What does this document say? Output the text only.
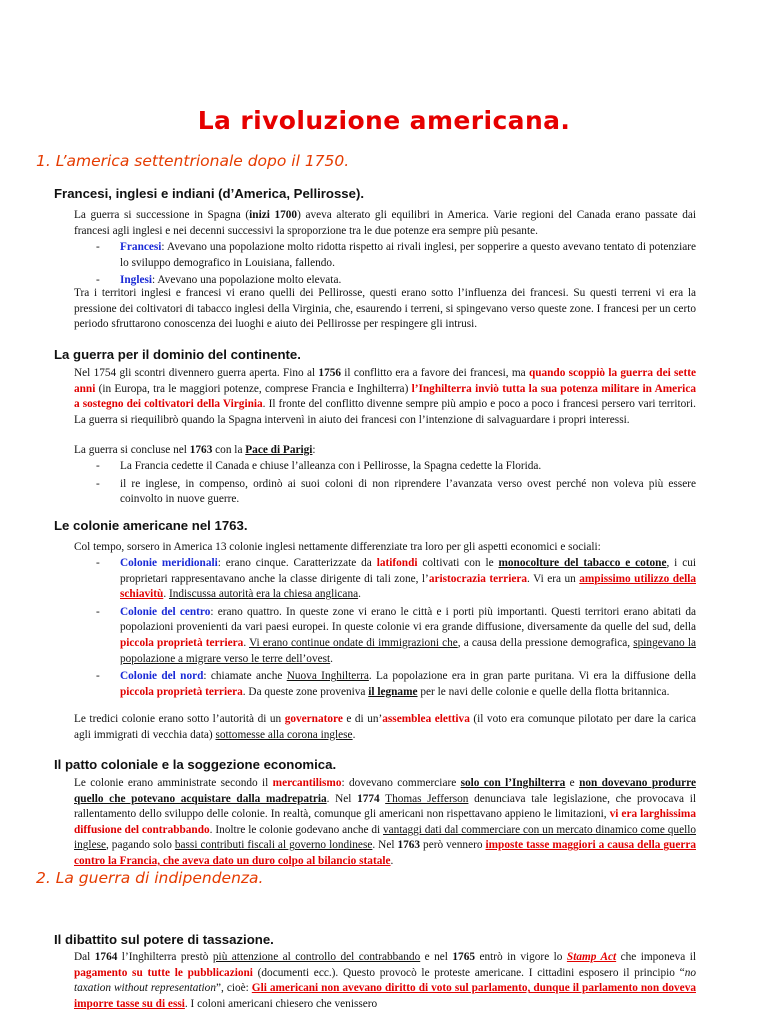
La rivoluzione americana.
1. L’america settentrionale dopo il 1750.
Francesi, inglesi e indiani (d’America, Pellirosse).
La guerra si successione in Spagna (inizi 1700) aveva alterato gli equilibri in America. Varie regioni del Canada erano passate dai francesi agli inglesi e nei decenni successivi la sproporzione tra le due potenze era sempre più pesante.
- Francesi: Avevano una popolazione molto ridotta rispetto ai rivali inglesi, per sopperire a questo avevano tentato di potenziare lo sviluppo demografico in Louisiana, fallendo.
- Inglesi: Avevano una popolazione molto elevata.
Tra i territori inglesi e francesi vi erano quelli dei Pellirosse, questi erano sotto l’influenza dei francesi. Su questi terreni vi era la pressione dei coltivatori di tabacco inglesi della Virginia, che, esaurendo i terreni, si spingevano verso queste zone. I francesi per un certo periodo sfruttarono conoscenza dei luoghi e aiuto dei Pellirosse per respingere gli intrusi.
La guerra per il dominio del continente.
Nel 1754 gli scontri divennero guerra aperta. Fino al 1756 il conflitto era a favore dei francesi, ma quando scoppiò la guerra dei sette anni (in Europa, tra le maggiori potenze, comprese Francia e Inghilterra) l’Inghilterra inviò tutta la sua potenza militare in America a sostegno dei coltivatori della Virginia. Il fronte del conflitto divenne sempre più ampio e poco a poco i francesi persero vari territori. La guerra si riequilibrò quando la Spagna intervenì in aiuto dei francesi con l’intenzione di salvaguardare i propri interessi.
La guerra si concluse nel 1763 con la Pace di Parigi:
- La Francia cedette il Canada e chiuse l’alleanza con i Pellirosse, la Spagna cedette la Florida.
- il re inglese, in compenso, ordinò ai suoi coloni di non riprendere l’avanzata verso ovest perché non voleva più essere coinvolto in nuove guerre.
Le colonie americane nel 1763.
Col tempo, sorsero in America 13 colonie inglesi nettamente differenziate tra loro per gli aspetti economici e sociali:
- Colonie meridionali: erano cinque. Caratterizzate da latifondi coltivati con le monocolture del tabacco e cotone, i cui proprietari rappresentavano anche la classe dirigente di tali zone, l’aristocrazia terriera. Vi era un ampissimo utilizzo della schiavitù. Indiscussa autorità era la chiesa anglicana.
- Colonie del centro: erano quattro. In queste zone vi erano le città e i porti più importanti. Questi territori erano abitati da popolazioni provenienti da vari paesi europei. In queste colonie vi era grande diffusione, diversamente da quelle del sud, della piccola proprietà terriera. Vi erano continue ondate di immigrazioni che, a causa della pressione demografica, spingevano la popolazione a migrare verso le terre dell’ovest.
- Colonie del nord: chiamate anche Nuova Inghilterra. La popolazione era in gran parte puritana. Vi era la diffusione della piccola proprietà terriera. Da queste zone proveniva il legname per le navi delle colonie e quelle della flotta britannica.
Le tredici colonie erano sotto l’autorità di un governatore e di un’assemblea elettiva (il voto era comunque pilotato per dare la carica agli immigrati di vecchia data) sottomesse alla corona inglese.
Il patto coloniale e la soggezione economica.
Le colonie erano amministrate secondo il mercantilismo: dovevano commerciare solo con l’Inghilterra e non dovevano produrre quello che potevano acquistare dalla madrepatria. Nel 1774 Thomas Jefferson denunciava tale legislazione, che provocava il rallentamento dello sviluppo delle colonie. In realtà, comunque gli americani non rispettavano appieno le limitazioni, vi era larghissima diffusione del contrabbando. Inoltre le colonie godevano anche di vantaggi dati dal commerciare con un mercato dinamico come quello inglese, pagando solo bassi contributi fiscali al governo londinese. Nel 1763 però vennero imposte tasse maggiori a causa della guerra contro la Francia, che aveva dato un duro colpo al bilancio statale.
2. La guerra di indipendenza.
Il dibattito sul potere di tassazione.
Dal 1764 l’Inghilterra prestò più attenzione al controllo del contrabbando e nel 1765 entrò in vigore lo Stamp Act che imponeva il pagamento su tutte le pubblicazioni (documenti ecc.). Questo provocò le proteste americane. I cittadini esposero il principio “no taxation without representation”, cioè: Gli americani non avevano diritto di voto sul parlamento, dunque il parlamento non doveva imporre tasse su di essi. I coloni americani chiesero che venissero
